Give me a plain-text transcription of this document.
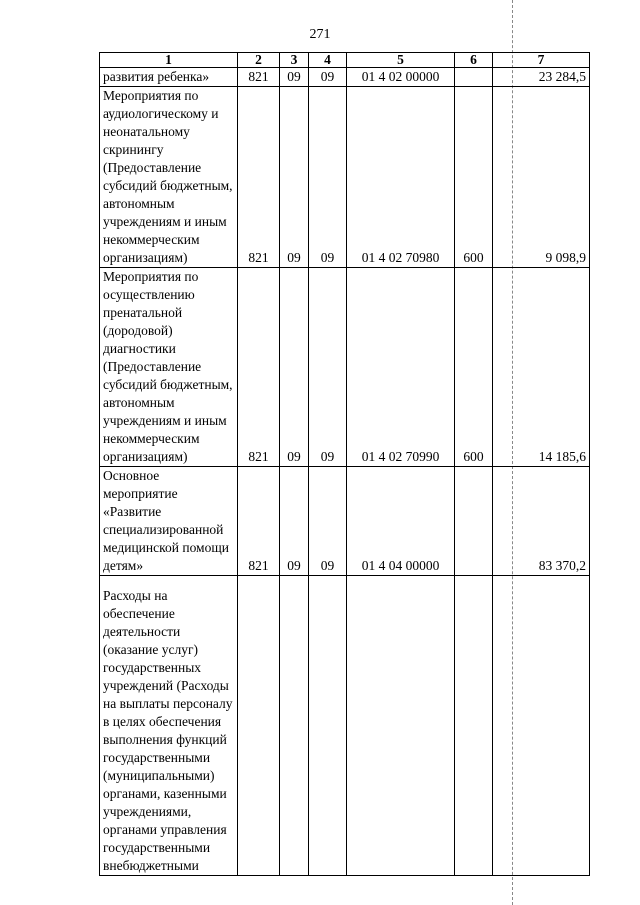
271
1	2	3	4	5	6	7
развития ребенка»	821	09	09	01 4 02 00000		23 284,5
Мероприятия по аудиологическому и неонатальному скринингу (Предоставление субсидий бюджетным, автономным учреждениям и иным некоммерческим организациям)	821	09	09	01 4 02 70980	600	9 098,9
Мероприятия по осуществлению пренатальной (дородовой) диагностики (Предоставление субсидий бюджетным, автономным учреждениям и иным некоммерческим организациям)	821	09	09	01 4 02 70990	600	14 185,6
Основное мероприятие «Развитие специализированной медицинской помощи детям»	821	09	09	01 4 04 00000		83 370,2
Расходы на обеспечение деятельности (оказание услуг) государственных учреждений (Расходы на выплаты персоналу в целях обеспечения выполнения функций государственными (муниципальными) органами, казенными учреждениями, органами управления государственными внебюджетными						
